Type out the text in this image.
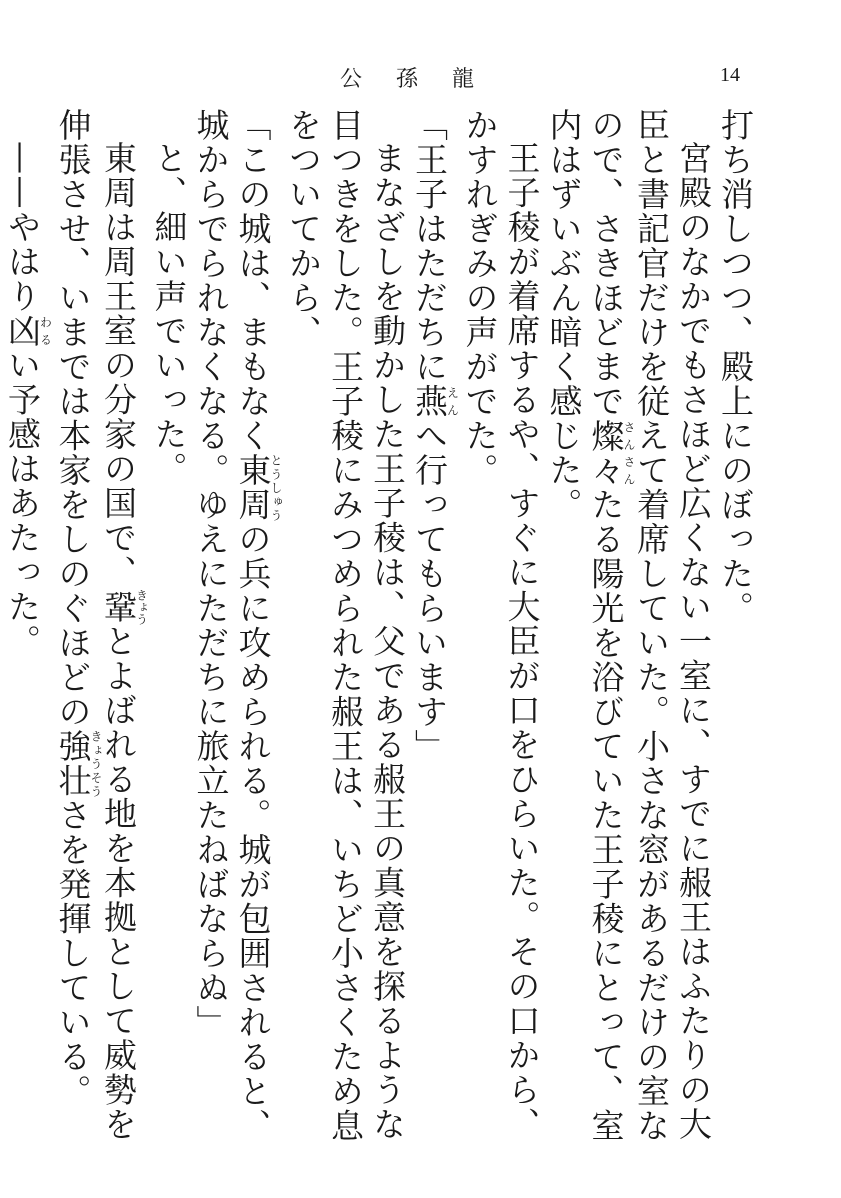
公孫龍	14

打ち消しつつ、殿上にのぼった。

宮殿のなかでもさほど広くない一室に、すでに赧王はふたりの大臣と書記官だけを従えて着席していた。小さな窓があるだけの室なので、さきほどまで燦々さんさんたる陽光を浴びていた王子稜にとって、室内はずいぶん暗く感じた。

王子稜が着席するや、すぐに大臣が口をひらいた。その口から、かすれぎみの声がでた。

「王子はただちに燕えんへ行ってもらいます」

まなざしを動かした王子稜は、父である赧王の真意を探るような目つきをした。王子稜にみつめられた赧王は、いちど小さくため息をついてから、

「この城は、まもなく東周とうしゅうの兵に攻められる。城が包囲されると、城からでられなくなる。ゆえにただちに旅立たねばならぬ」

と、細い声でいった。

東周は周王室の分家の国で、鞏きょうとよばれる地を本拠として威勢を伸張させ、いまでは本家をしのぐほどの強壮きょうそうさを発揮している。

——やはり凶わるい予感はあたった。
